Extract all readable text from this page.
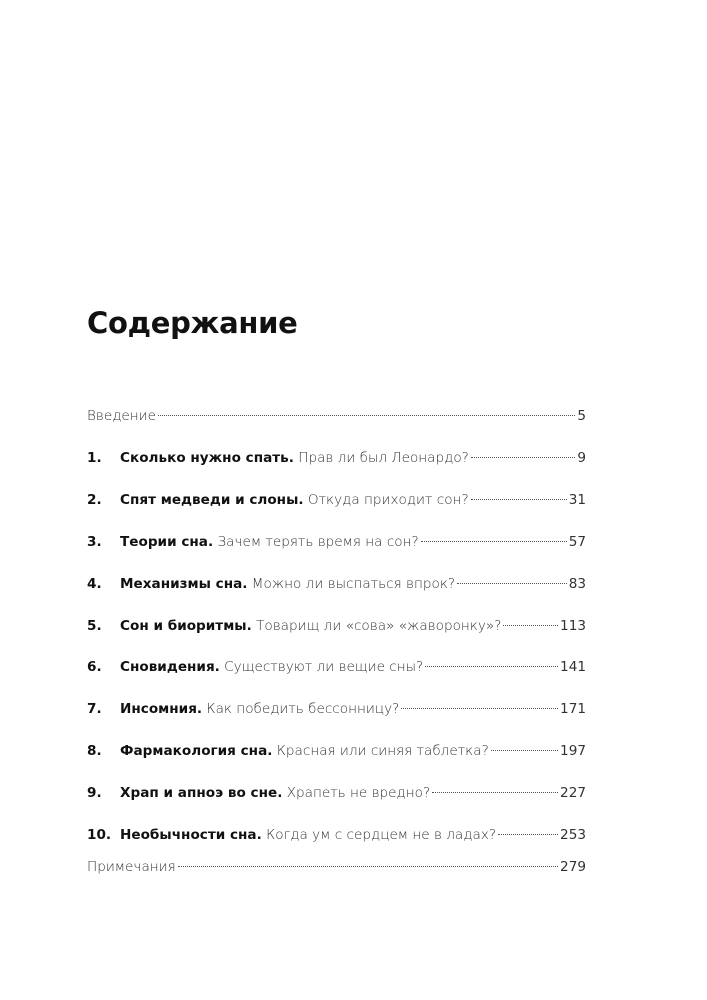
Содержание
Введение	5
1.	Сколько нужно спать. Прав ли был Леонардо?	9
2.	Спят медведи и слоны. Откуда приходит сон?	31
3.	Теории сна. Зачем терять время на сон?	57
4.	Механизмы сна. Можно ли выспаться впрок?	83
5.	Сон и биоритмы. Товарищ ли «сова» «жаворонку»?	113
6.	Сновидения. Существуют ли вещие сны?	141
7.	Инсомния. Как победить бессонницу?	171
8.	Фармакология сна. Красная или синяя таблетка?	197
9.	Храп и апноэ во сне. Храпеть не вредно?	227
10. Необычности сна. Когда ум с сердцем не в ладах?	253
Примечания	279
